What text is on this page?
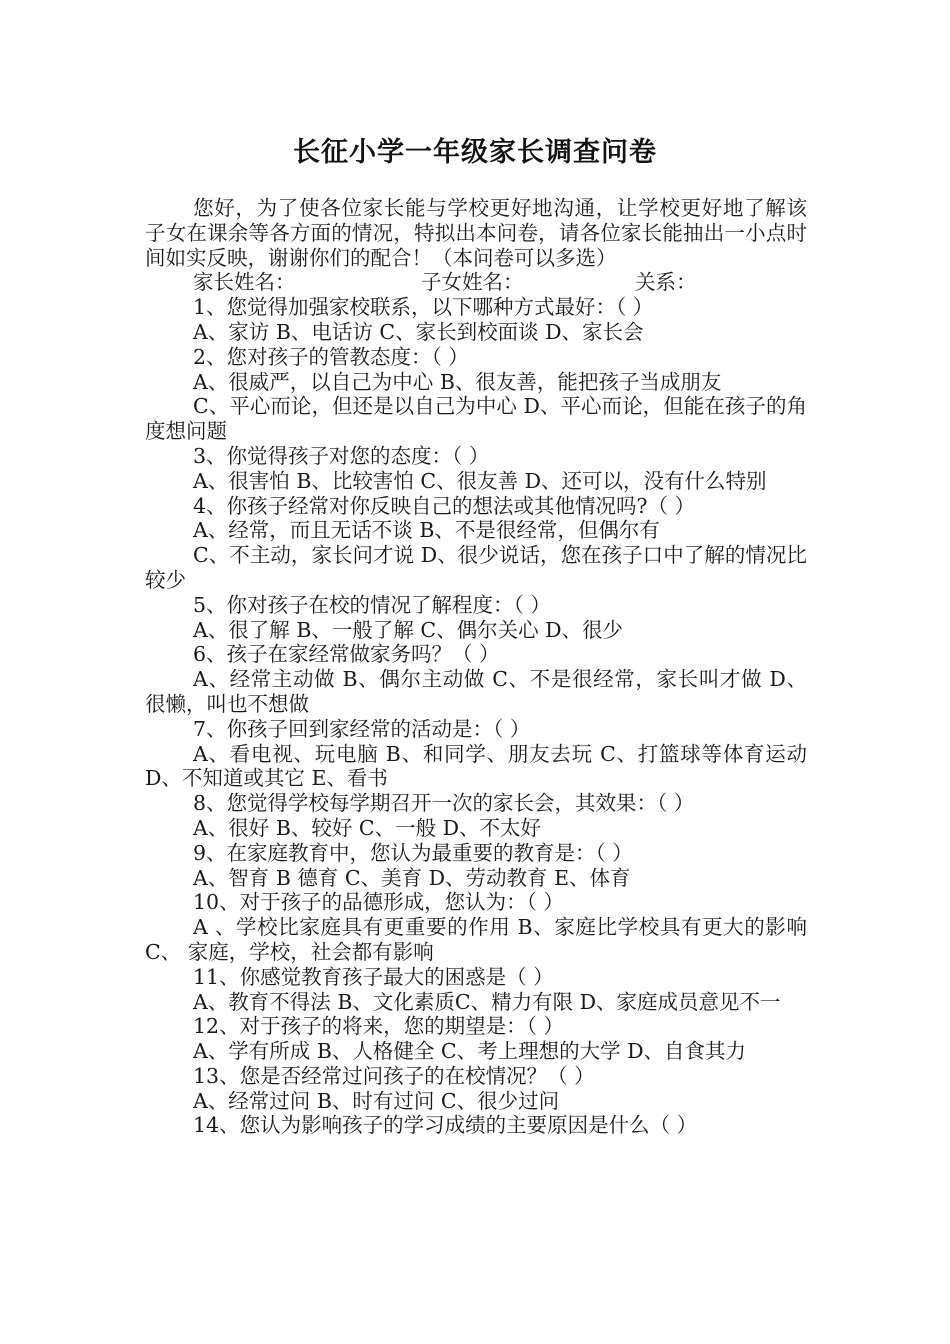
长征小学一年级家长调查问卷

您好，为了使各位家长能与学校更好地沟通，让学校更好地了解该子女在课余等各方面的情况，特拟出本问卷，请各位家长能抽出一小点时间如实反映，谢谢你们的配合！（本问卷可以多选）

家长姓名：	子女姓名：	关系：

1、您觉得加强家校联系，以下哪种方式最好：（ ）

A、家访 B、电话访 C、家长到校面谈 D、家长会

2、您对孩子的管教态度：（ ）

A、很威严，以自己为中心 B、很友善，能把孩子当成朋友

C、平心而论，但还是以自己为中心 D、平心而论，但能在孩子的角度想问题

3、你觉得孩子对您的态度：（ ）

A、很害怕 B、比较害怕 C、很友善 D、还可以，没有什么特别

4、你孩子经常对你反映自己的想法或其他情况吗?（ ）

A、经常，而且无话不谈 B、不是很经常，但偶尔有

C、不主动，家长问才说 D、很少说话，您在孩子口中了解的情况比较少

5、你对孩子在校的情况了解程度：（ ）

A、很了解 B、一般了解 C、偶尔关心 D、很少

6、孩子在家经常做家务吗？（ ）

A、经常主动做 B、偶尔主动做 C、不是很经常，家长叫才做 D、很懒，叫也不想做

7、你孩子回到家经常的活动是：（ ）

A、看电视、玩电脑 B、和同学、朋友去玩 C、打篮球等体育运动 D、不知道或其它 E、看书

8、您觉得学校每学期召开一次的家长会，其效果：（ ）

A、很好 B、较好 C、一般 D、不太好

9、在家庭教育中，您认为最重要的教育是：（ ）

A、智育 B 德育 C、美育 D、劳动教育 E、体育

10、对于孩子的品德形成，您认为：（ ）

A 、学校比家庭具有更重要的作用 B、家庭比学校具有更大的影响 C、 家庭，学校，社会都有影响

11、你感觉教育孩子最大的困惑是（ ）

A、教育不得法 B、文化素质C、精力有限 D、家庭成员意见不一

12、对于孩子的将来，您的期望是：（ ）

A、学有所成 B、人格健全 C、考上理想的大学 D、自食其力

13、您是否经常过问孩子的在校情况？（ ）

A、经常过问 B、时有过问 C、很少过问

14、您认为影响孩子的学习成绩的主要原因是什么（ ）
